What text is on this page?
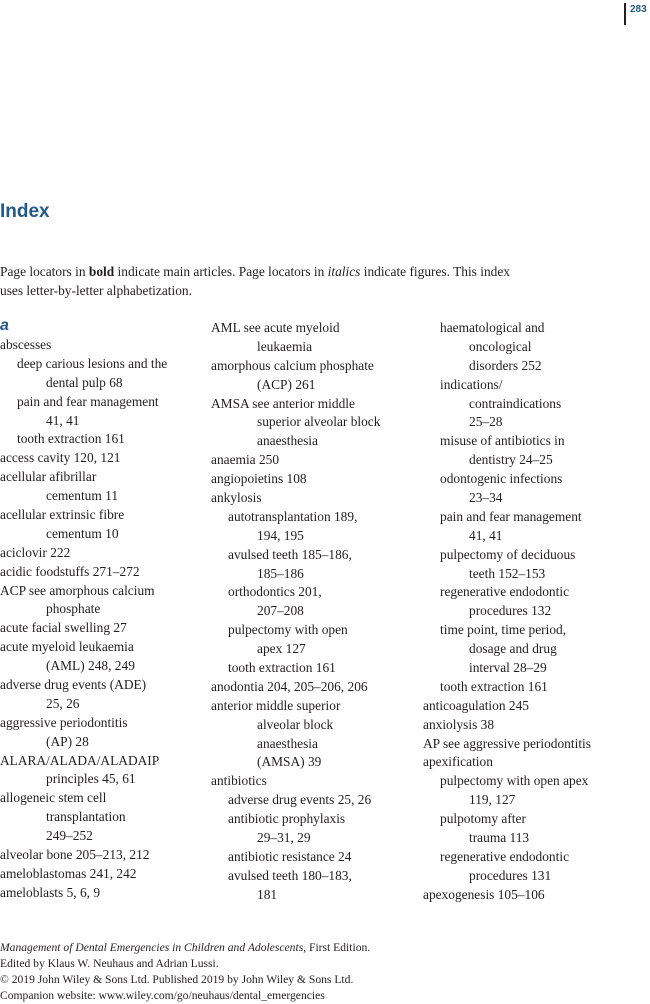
283
Index
Page locators in bold indicate main articles. Page locators in italics indicate figures. This index
uses letter-by-letter alphabetization.
a
abscesses
deep carious lesions and the
dental pulp 68
pain and fear management
41, 41
tooth extraction 161
access cavity 120, 121
acellular afibrillar
cementum 11
acellular extrinsic fibre
cementum 10
aciclovir 222
acidic foodstuffs 271–272
ACP see amorphous calcium
phosphate
acute facial swelling 27
acute myeloid leukaemia
(AML) 248, 249
adverse drug events (ADE)
25, 26
aggressive periodontitis
(AP) 28
ALARA/ALADA/ALADAIP
principles 45, 61
allogeneic stem cell
transplantation
249–252
alveolar bone 205–213, 212
ameloblastomas 241, 242
ameloblasts 5, 6, 9
AML see acute myeloid
leukaemia
amorphous calcium phosphate
(ACP) 261
AMSA see anterior middle
superior alveolar block
anaesthesia
anaemia 250
angiopoietins 108
ankylosis
autotransplantation 189,
194, 195
avulsed teeth 185–186,
185–186
orthodontics 201,
207–208
pulpectomy with open
apex 127
tooth extraction 161
anodontia 204, 205–206, 206
anterior middle superior
alveolar block
anaesthesia
(AMSA) 39
antibiotics
adverse drug events 25, 26
antibiotic prophylaxis
29–31, 29
antibiotic resistance 24
avulsed teeth 180–183,
181
haematological and
oncological
disorders 252
indications/
contraindications
25–28
misuse of antibiotics in
dentistry 24–25
odontogenic infections
23–34
pain and fear management
41, 41
pulpectomy of deciduous
teeth 152–153
regenerative endodontic
procedures 132
time point, time period,
dosage and drug
interval 28–29
tooth extraction 161
anticoagulation 245
anxiolysis 38
AP see aggressive periodontitis
apexification
pulpectomy with open apex
119, 127
pulpotomy after
trauma 113
regenerative endodontic
procedures 131
apexogenesis 105–106
Management of Dental Emergencies in Children and Adolescents, First Edition.
Edited by Klaus W. Neuhaus and Adrian Lussi.
© 2019 John Wiley & Sons Ltd. Published 2019 by John Wiley & Sons Ltd.
Companion website: www.wiley.com/go/neuhaus/dental_emergencies
